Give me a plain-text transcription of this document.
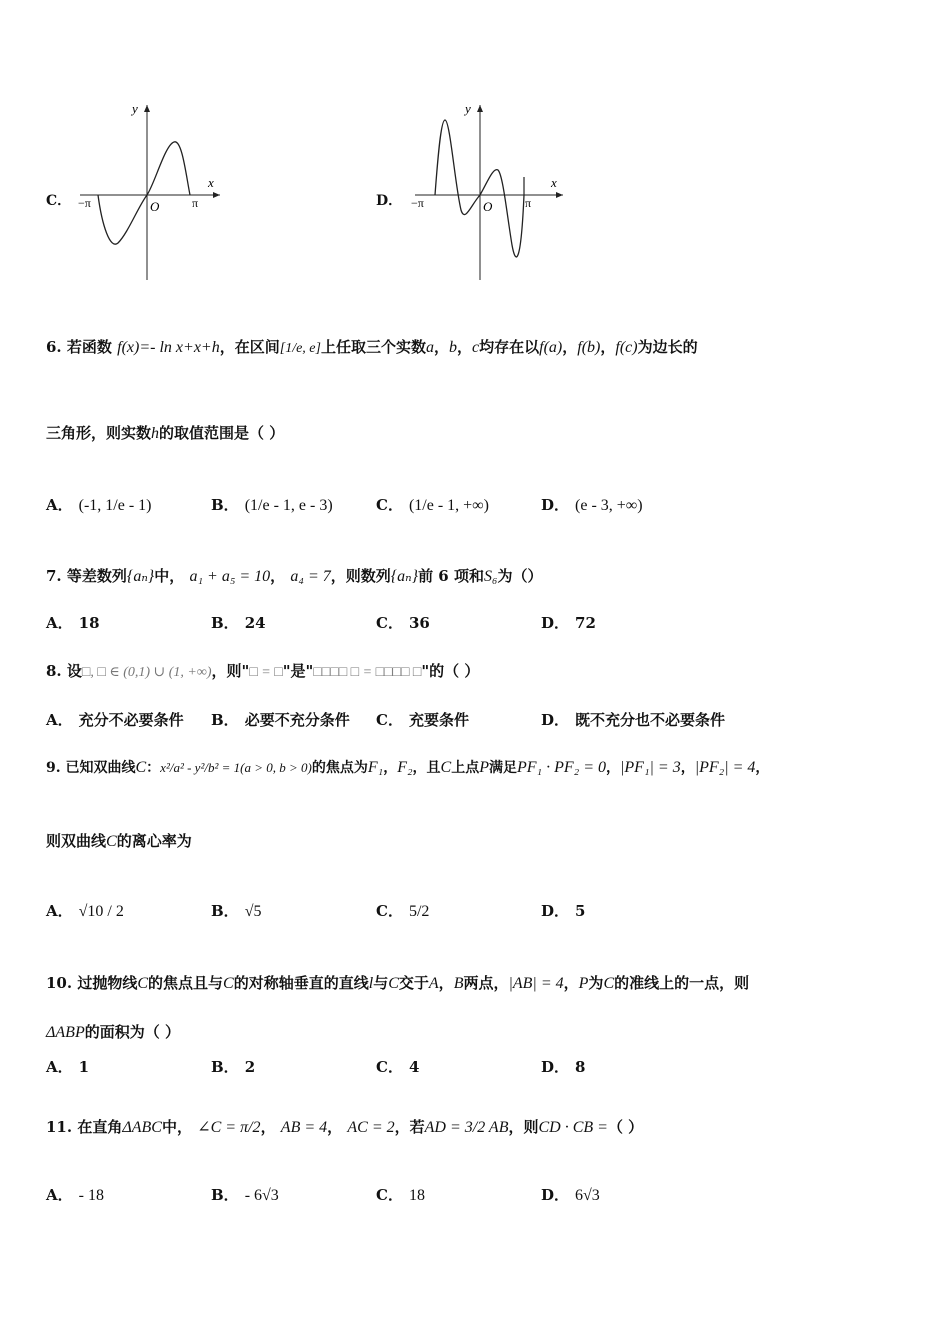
C．
y
x
O
−π	π	D．
y
x
O
−π	π
6. 若函数 f(x)=- ln x+x+h，在区间[1/e, e]上任取三个实数a，b，c均存在以f(a)，f(b)，f(c)为边长的
三角形，则实数h的取值范围是（ ）
A． (-1, 1/e - 1)	B． (1/e - 1, e - 3)	C． (1/e - 1, +∞)	D． (e - 3, +∞)
7. 等差数列{aₙ}中， a₁ + a₅ = 10， a₄ = 7，则数列{aₙ}前 6 项和S₆为（）
A． 18	B． 24	C． 36	D． 72
8. 设□, □ ∈ (0,1) ∪ (1, +∞)，则"□ = □"是"□□□□ □ = □□□□ □"的（ ）
A． 充分不必要条件	B． 必要不充分条件	C． 充要条件	D． 既不充分也不必要条件
9. 已知双曲线C：x²/a² - y²/b² = 1(a > 0, b > 0)的焦点为F₁，F₂，且C上点P满足PF₁ · PF₂ = 0，|PF₁| = 3，|PF₂| = 4，
则双曲线C的离心率为
A． √10 / 2	B． √5	C． 5/2	D． 5
10. 过抛物线C的焦点且与C的对称轴垂直的直线l与C交于A，B两点，|AB| = 4，P为C的准线上的一点，则
ΔABP的面积为（ ）
A． 1	B． 2	C． 4	D． 8
11. 在直角ΔABC中， ∠C = π/2， AB = 4， AC = 2，若AD = 3/2 AB，则CD · CB =（ ）
A． - 18	B． - 6√3	C． 18	D． 6√3
